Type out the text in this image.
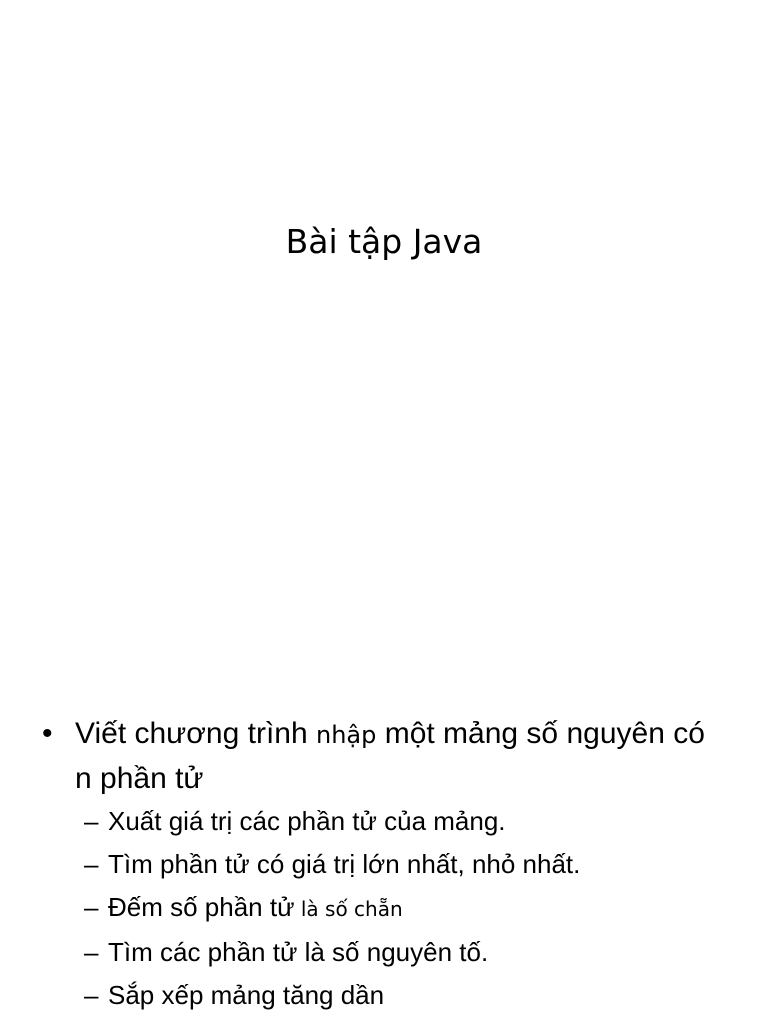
Bài tập Java
• Viết chương trình nhập một mảng số nguyên có n phần tử
– Xuất giá trị các phần tử của mảng.
– Tìm phần tử có giá trị lớn nhất, nhỏ nhất.
– Đếm số phần tử là số chẵn
– Tìm các phần tử là số nguyên tố.
– Sắp xếp mảng tăng dần
